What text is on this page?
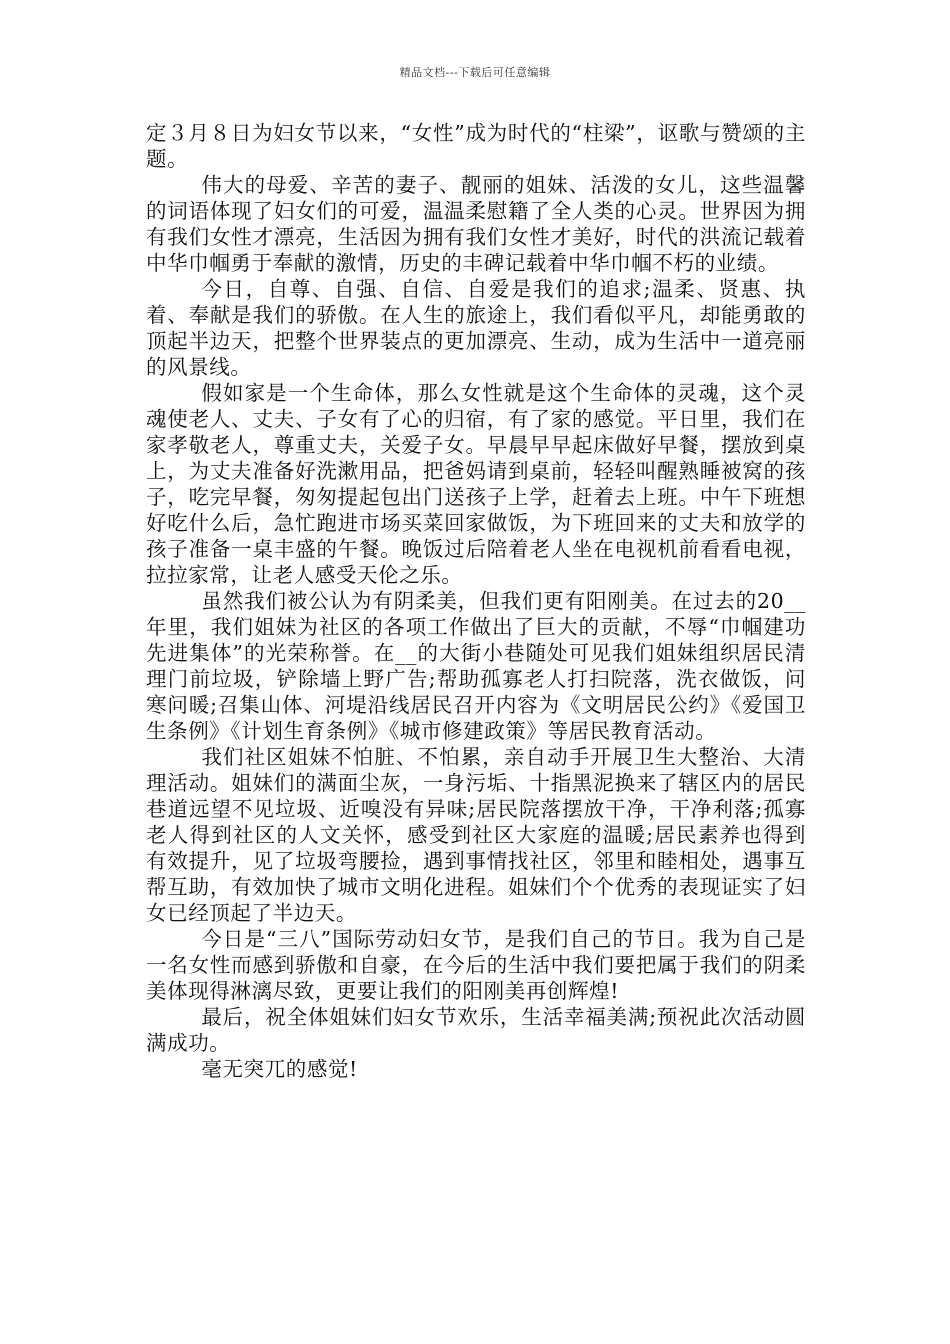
精品文档---下载后可任意编辑

定３月８日为妇女节以来，“女性”成为时代的“柱梁”，讴歌与赞颂的主题。

伟大的母爱、辛苦的妻子、靓丽的姐妹、活泼的女儿，这些温馨的词语体现了妇女们的可爱，温温柔慰籍了全人类的心灵。世界因为拥有我们女性才漂亮，生活因为拥有我们女性才美好，时代的洪流记载着中华巾帼勇于奉献的激情，历史的丰碑记载着中华巾帼不朽的业绩。

今日，自尊、自强、自信、自爱是我们的追求;温柔、贤惠、执着、奉献是我们的骄傲。在人生的旅途上，我们看似平凡，却能勇敢的顶起半边天，把整个世界装点的更加漂亮、生动，成为生活中一道亮丽的风景线。

假如家是一个生命体，那么女性就是这个生命体的灵魂，这个灵魂使老人、丈夫、子女有了心的归宿，有了家的感觉。平日里，我们在家孝敬老人，尊重丈夫，关爱子女。早晨早早起床做好早餐，摆放到桌上，为丈夫准备好洗漱用品，把爸妈请到桌前，轻轻叫醒熟睡被窝的孩子，吃完早餐，匆匆提起包出门送孩子上学，赶着去上班。中午下班想好吃什么后，急忙跑进市场买菜回家做饭，为下班回来的丈夫和放学的孩子准备一桌丰盛的午餐。晚饭过后陪着老人坐在电视机前看看电视，拉拉家常，让老人感受天伦之乐。

虽然我们被公认为有阴柔美，但我们更有阳刚美。在过去的20__年里，我们姐妹为社区的各项工作做出了巨大的贡献，不辱“巾帼建功先进集体”的光荣称誉。在__的大街小巷随处可见我们姐妹组织居民清理门前垃圾，铲除墙上野广告;帮助孤寡老人打扫院落，洗衣做饭，问寒问暖;召集山体、河堤沿线居民召开内容为《文明居民公约》《爱国卫生条例》《计划生育条例》《城市修建政策》等居民教育活动。

我们社区姐妹不怕脏、不怕累，亲自动手开展卫生大整治、大清理活动。姐妹们的满面尘灰，一身污垢、十指黑泥换来了辖区内的居民巷道远望不见垃圾、近嗅没有异味;居民院落摆放干净，干净利落;孤寡老人得到社区的人文关怀，感受到社区大家庭的温暖;居民素养也得到有效提升，见了垃圾弯腰捡，遇到事情找社区，邻里和睦相处，遇事互帮互助，有效加快了城市文明化进程。姐妹们个个优秀的表现证实了妇女已经顶起了半边天。

今日是“三八”国际劳动妇女节，是我们自己的节日。我为自己是一名女性而感到骄傲和自豪，在今后的生活中我们要把属于我们的阴柔美体现得淋漓尽致，更要让我们的阳刚美再创辉煌!

最后，祝全体姐妹们妇女节欢乐，生活幸福美满;预祝此次活动圆满成功。

毫无突兀的感觉!
